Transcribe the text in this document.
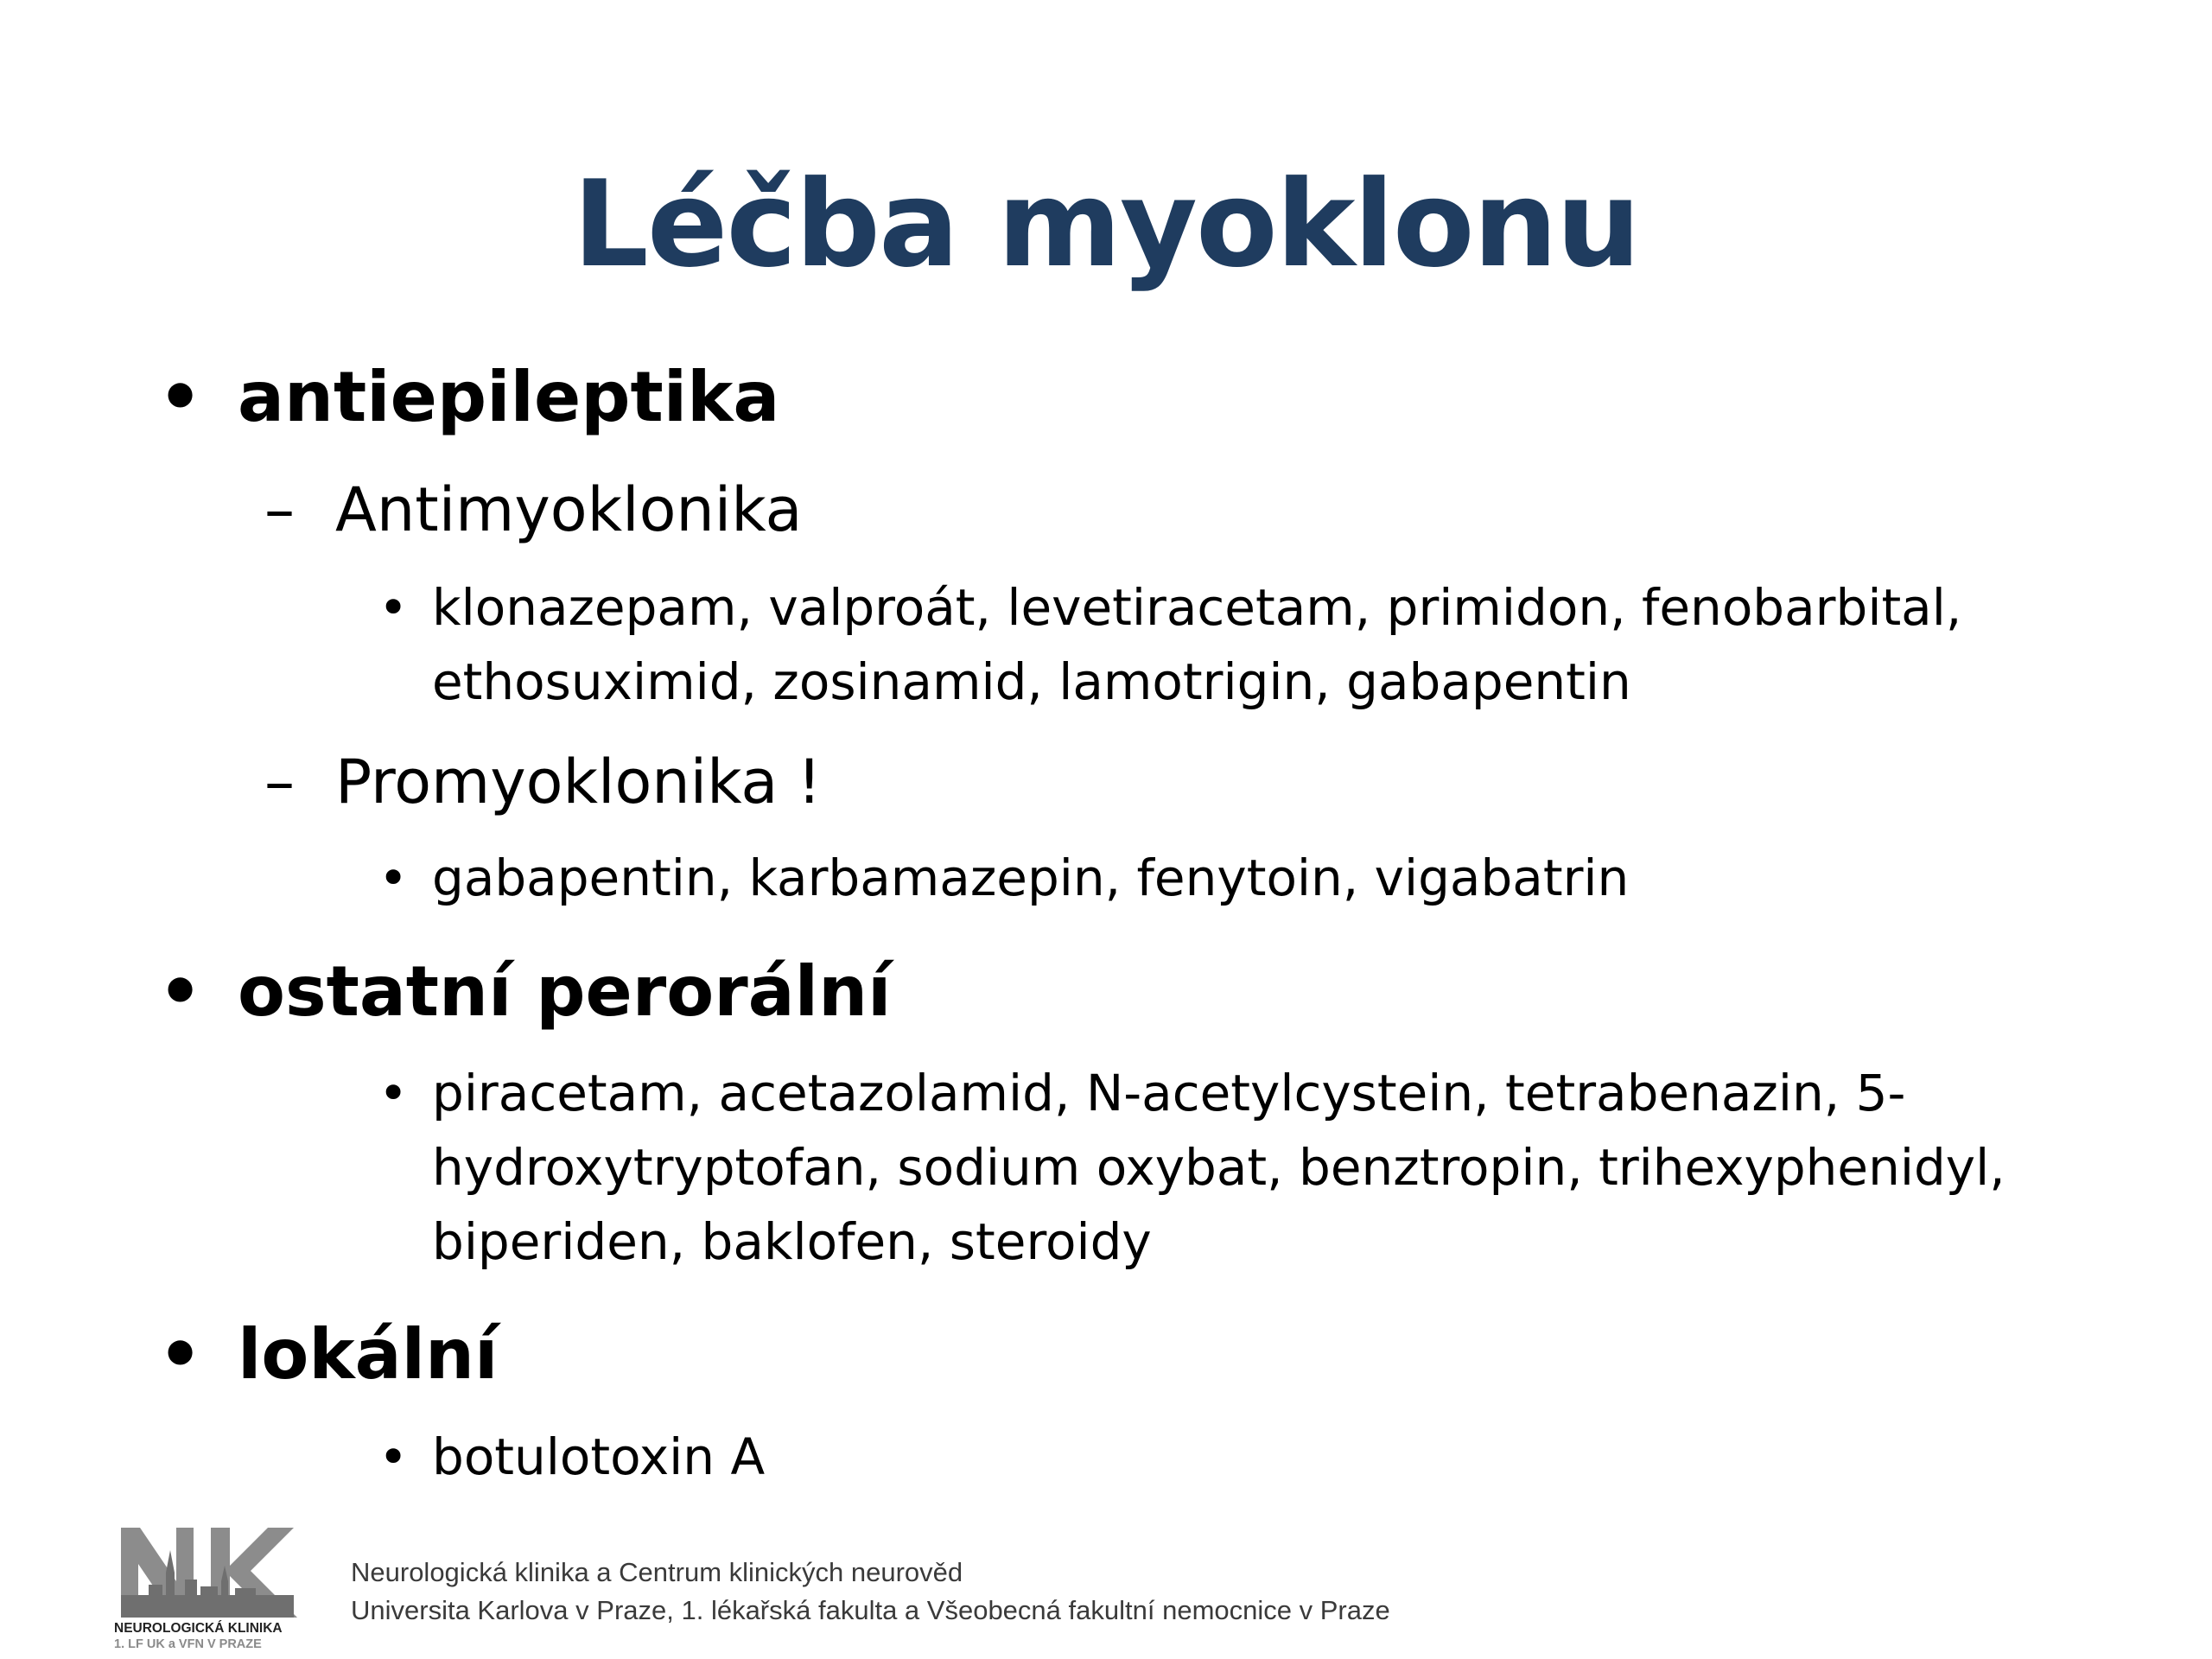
Léčba myoklonu
• antiepileptika
– Antimyoklonika
• klonazepam, valproát, levetiracetam, primidon, fenobarbital, ethosuximid, zosinamid, lamotrigin, gabapentin
– Promyoklonika !
• gabapentin, karbamazepin, fenytoin, vigabatrin
• ostatní perorální
• piracetam, acetazolamid, N-acetylcystein, tetrabenazin, 5-hydroxytryptofan, sodium oxybat, benztropin, trihexyphenidyl, biperiden, baklofen, steroidy
• lokální
• botulotoxin A
NEUROLOGICKÁ KLINIKA
1. LF UK a VFN V PRAZE
Neurologická klinika a Centrum klinických neurověd
Universita Karlova v Praze, 1. lékařská fakulta a Všeobecná fakultní nemocnice v Praze
